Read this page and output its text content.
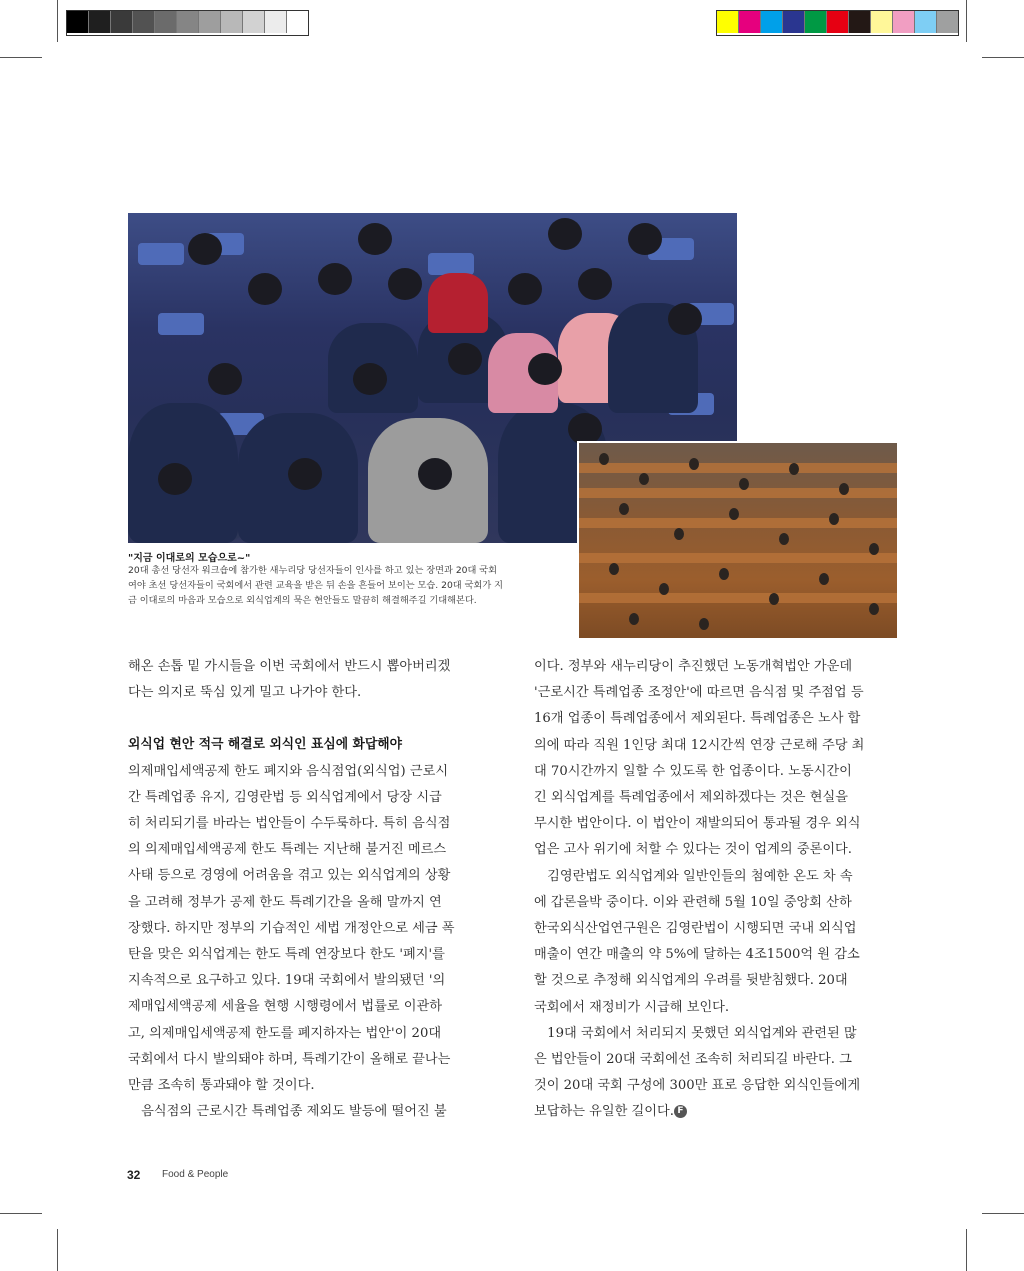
"지금 이대로의 모습으로~"
20대 총선 당선자 워크숍에 참가한 새누리당 당선자들이 인사를 하고 있는 장면과 20대 국회
여야 초선 당선자들이 국회에서 관련 교육을 받은 뒤 손을 흔들어 보이는 모습. 20대 국회가 지
금 이대로의 마음과 모습으로 외식업계의 묵은 현안들도 말끔히 해결해주길 기대해본다.
해온 손톱 밑 가시들을 이번 국회에서 반드시 뽑아버리겠
다는 의지로 뚝심 있게 밀고 나가야 한다.
외식업 현안 적극 해결로 외식인 표심에 화답해야
의제매입세액공제 한도 폐지와 음식점업(외식업) 근로시
간 특례업종 유지, 김영란법 등 외식업계에서 당장 시급
히 처리되기를 바라는 법안들이 수두룩하다. 특히 음식점
의 의제매입세액공제 한도 특례는 지난해 불거진 메르스
사태 등으로 경영에 어려움을 겪고 있는 외식업계의 상황
을 고려해 정부가 공제 한도 특례기간을 올해 말까지 연
장했다. 하지만 정부의 기습적인 세법 개정안으로 세금 폭
탄을 맞은 외식업계는 한도 특례 연장보다 한도 '폐지'를
지속적으로 요구하고 있다. 19대 국회에서 발의됐던 '의
제매입세액공제 세율을 현행 시행령에서 법률로 이관하
고, 의제매입세액공제 한도를 폐지하자는 법안'이 20대
국회에서 다시 발의돼야 하며, 특례기간이 올해로 끝나는
만큼 조속히 통과돼야 할 것이다.
　음식점의 근로시간 특례업종 제외도 발등에 떨어진 불
이다. 정부와 새누리당이 추진했던 노동개혁법안 가운데
'근로시간 특례업종 조정안'에 따르면 음식점 및 주점업 등
16개 업종이 특례업종에서 제외된다. 특례업종은 노사 합
의에 따라 직원 1인당 최대 12시간씩 연장 근로해 주당 최
대 70시간까지 일할 수 있도록 한 업종이다. 노동시간이
긴 외식업계를 특례업종에서 제외하겠다는 것은 현실을
무시한 법안이다. 이 법안이 재발의되어 통과될 경우 외식
업은 고사 위기에 처할 수 있다는 것이 업계의 중론이다.
　김영란법도 외식업계와 일반인들의 첨예한 온도 차 속
에 갑론을박 중이다. 이와 관련해 5월 10일 중앙회 산하
한국외식산업연구원은 김영란법이 시행되면 국내 외식업
매출이 연간 매출의 약 5%에 달하는 4조1500억 원 감소
할 것으로 추정해 외식업계의 우려를 뒷받침했다. 20대
국회에서 재정비가 시급해 보인다.
　19대 국회에서 처리되지 못했던 외식업계와 관련된 많
은 법안들이 20대 국회에선 조속히 처리되길 바란다. 그
것이 20대 국회 구성에 300만 표로 응답한 외식인들에게
보답하는 유일한 길이다. F
32 Food & People
